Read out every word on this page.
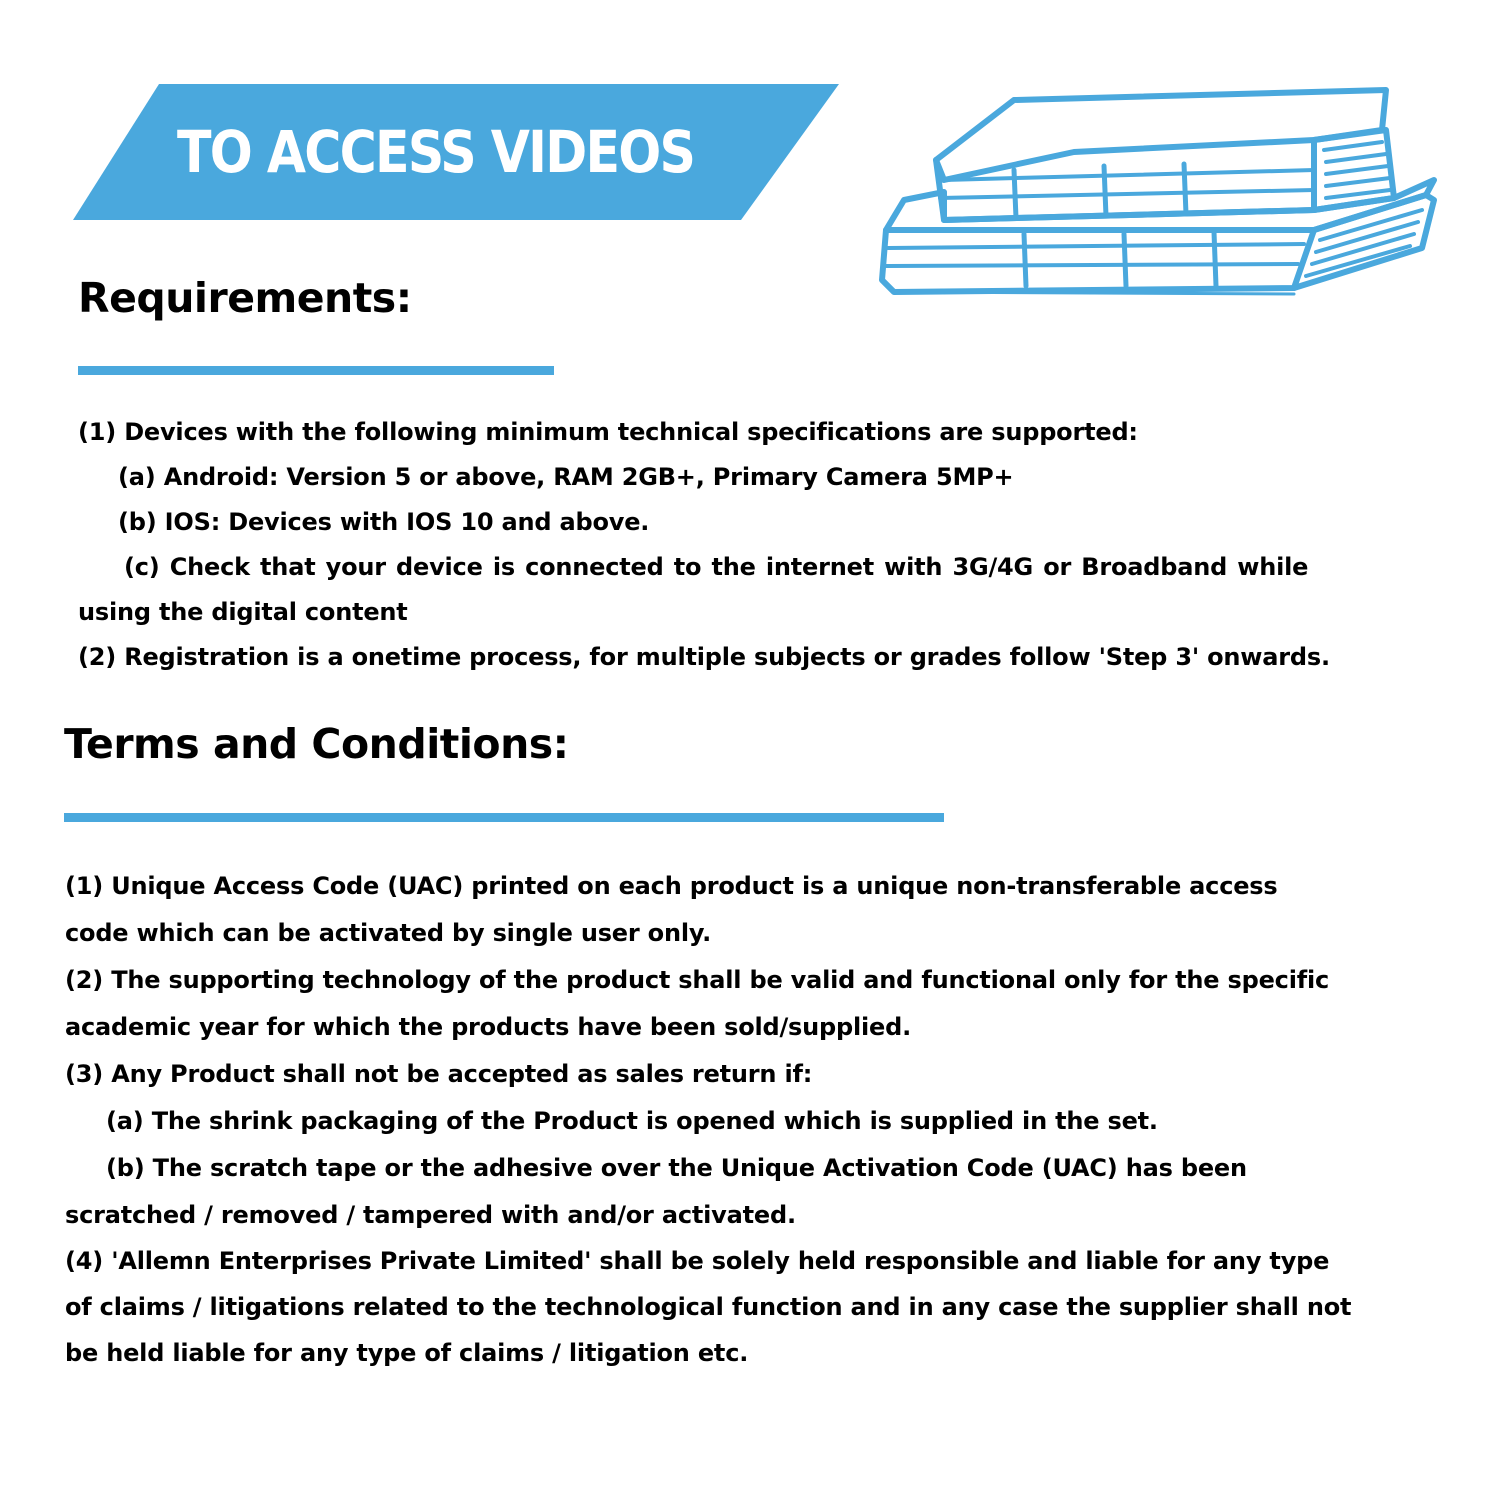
TO ACCESS VIDEOS
Requirements:
(1) Devices with the following minimum technical specifications are supported:
(a) Android: Version 5 or above, RAM 2GB+, Primary Camera 5MP+
(b) IOS: Devices with IOS 10 and above.
(c) Check that your device is connected to the internet with 3G/4G or Broadband while
using the digital content
(2) Registration is a onetime process, for multiple subjects or grades follow 'Step 3' onwards.
Terms and Conditions:
(1) Unique Access Code (UAC) printed on each product is a unique non-transferable access
code which can be activated by single user only.
(2) The supporting technology of the product shall be valid and functional only for the specific
academic year for which the products have been sold/supplied.
(3) Any Product shall not be accepted as sales return if:
(a) The shrink packaging of the Product is opened which is supplied in the set.
(b) The scratch tape or the adhesive over the Unique Activation Code (UAC) has been
scratched / removed / tampered with and/or activated.
(4) 'Allemn Enterprises Private Limited' shall be solely held responsible and liable for any type
of claims / litigations related to the technological function and in any case the supplier shall not
be held liable for any type of claims / litigation etc.
